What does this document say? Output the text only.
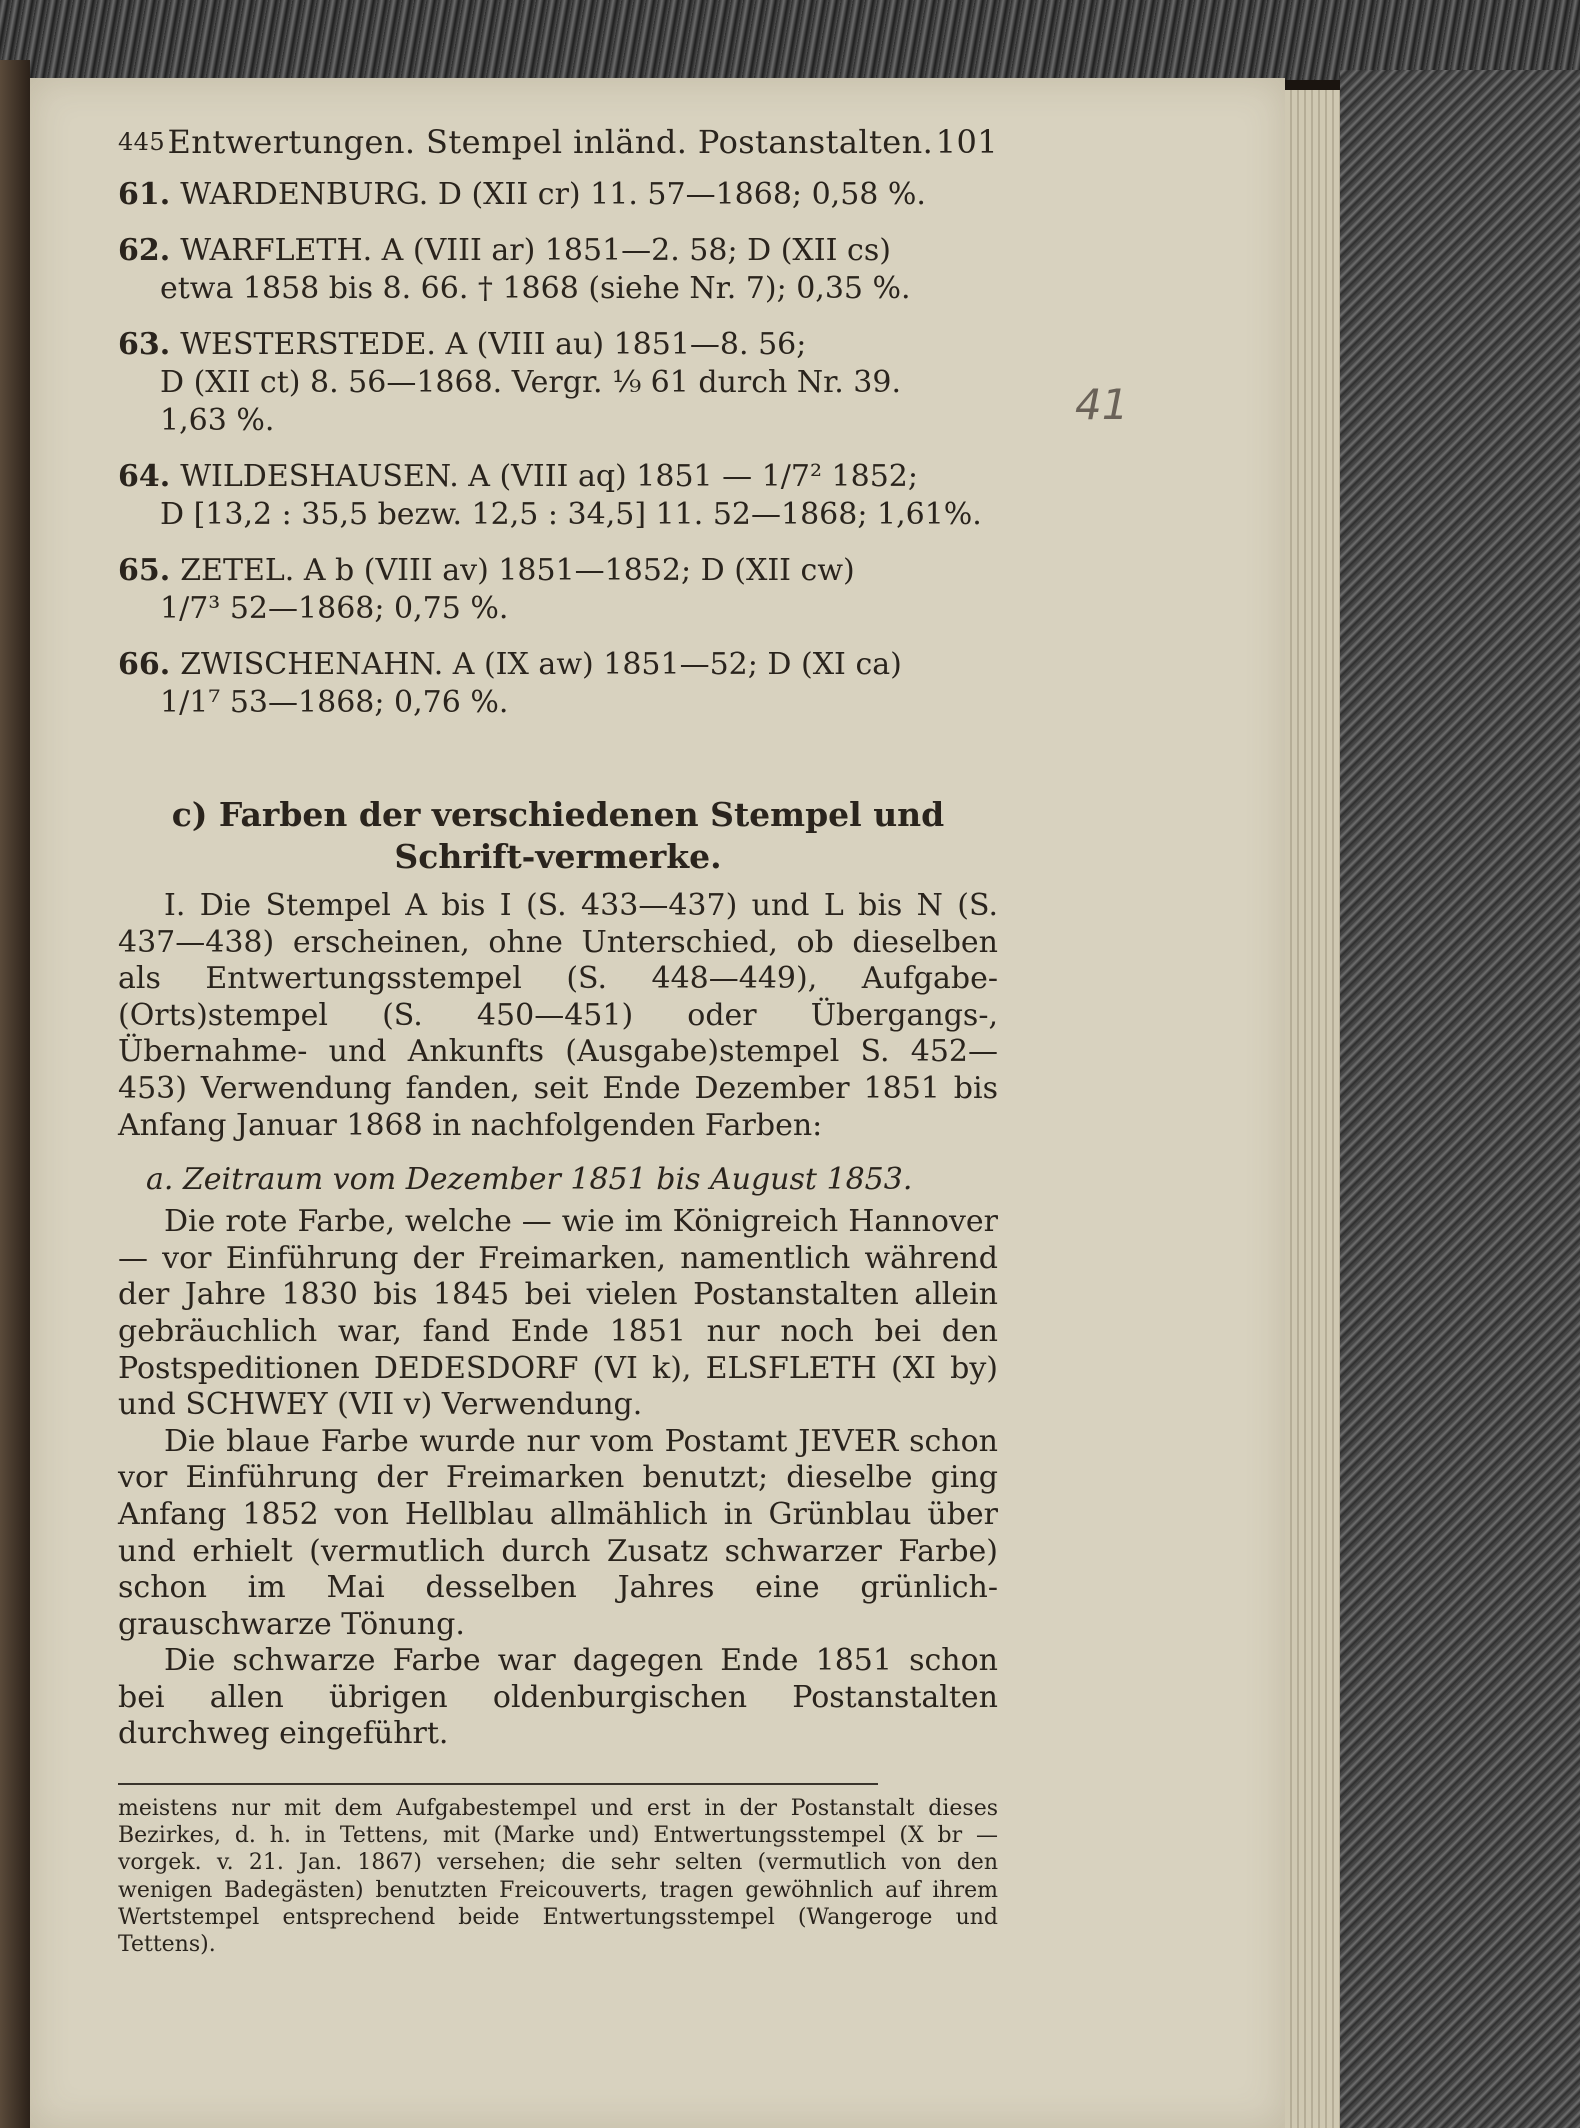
41
445 Entwertungen. Stempel inländ. Postanstalten. 101
61. WARDENBURG. D (XII cr) 11. 57—1868; 0,58 %.
62. WARFLETH. A (VIII ar) 1851—2. 58; D (XII cs)
etwa 1858 bis 8. 66. † 1868 (siehe Nr. 7); 0,35 %.
63. WESTERSTEDE. A (VIII au) 1851—8. 56;
D (XII ct) 8. 56—1868. Vergr. ⅑ 61 durch Nr. 39.
1,63 %.
64. WILDESHAUSEN. A (VIII aq) 1851 — 1/7² 1852;
D [13,2 : 35,5 bezw. 12,5 : 34,5] 11. 52—1868; 1,61%.
65. ZETEL. A b (VIII av) 1851—1852; D (XII cw)
1/7³ 52—1868; 0,75 %.
66. ZWISCHENAHN. A (IX aw) 1851—52; D (XI ca)
1/1⁷ 53—1868; 0,76 %.
c) Farben der verschiedenen Stempel und Schrift-vermerke.

I. Die Stempel A bis I (S. 433—437) und L bis N (S. 437—438) erscheinen, ohne Unterschied, ob dieselben als Entwertungsstempel (S. 448—449), Aufgabe-(Orts)stempel (S. 450—451) oder Übergangs-, Übernahme- und Ankunfts (Ausgabe)stempel S. 452—453) Verwendung fanden, seit Ende Dezember 1851 bis Anfang Januar 1868 in nachfolgenden Farben:

a. Zeitraum vom Dezember 1851 bis August 1853.

Die rote Farbe, welche — wie im Königreich Hannover — vor Einführung der Freimarken, namentlich während der Jahre 1830 bis 1845 bei vielen Postanstalten allein gebräuchlich war, fand Ende 1851 nur noch bei den Postspeditionen DEDESDORF (VI k), ELSFLETH (XI by) und SCHWEY (VII v) Verwendung.

Die blaue Farbe wurde nur vom Postamt JEVER schon vor Einführung der Freimarken benutzt; dieselbe ging Anfang 1852 von Hellblau allmählich in Grünblau über und erhielt (vermutlich durch Zusatz schwarzer Farbe) schon im Mai desselben Jahres eine grünlich-grauschwarze Tönung.

Die schwarze Farbe war dagegen Ende 1851 schon bei allen übrigen oldenburgischen Postanstalten durchweg eingeführt.

meistens nur mit dem Aufgabestempel und erst in der Postanstalt dieses Bezirkes, d. h. in Tettens, mit (Marke und) Entwertungsstempel (X br — vorgek. v. 21. Jan. 1867) versehen; die sehr selten (vermutlich von den wenigen Badegästen) benutzten Freicouverts, tragen gewöhnlich auf ihrem Wertstempel entsprechend beide Entwertungsstempel (Wangeroge und Tettens).
